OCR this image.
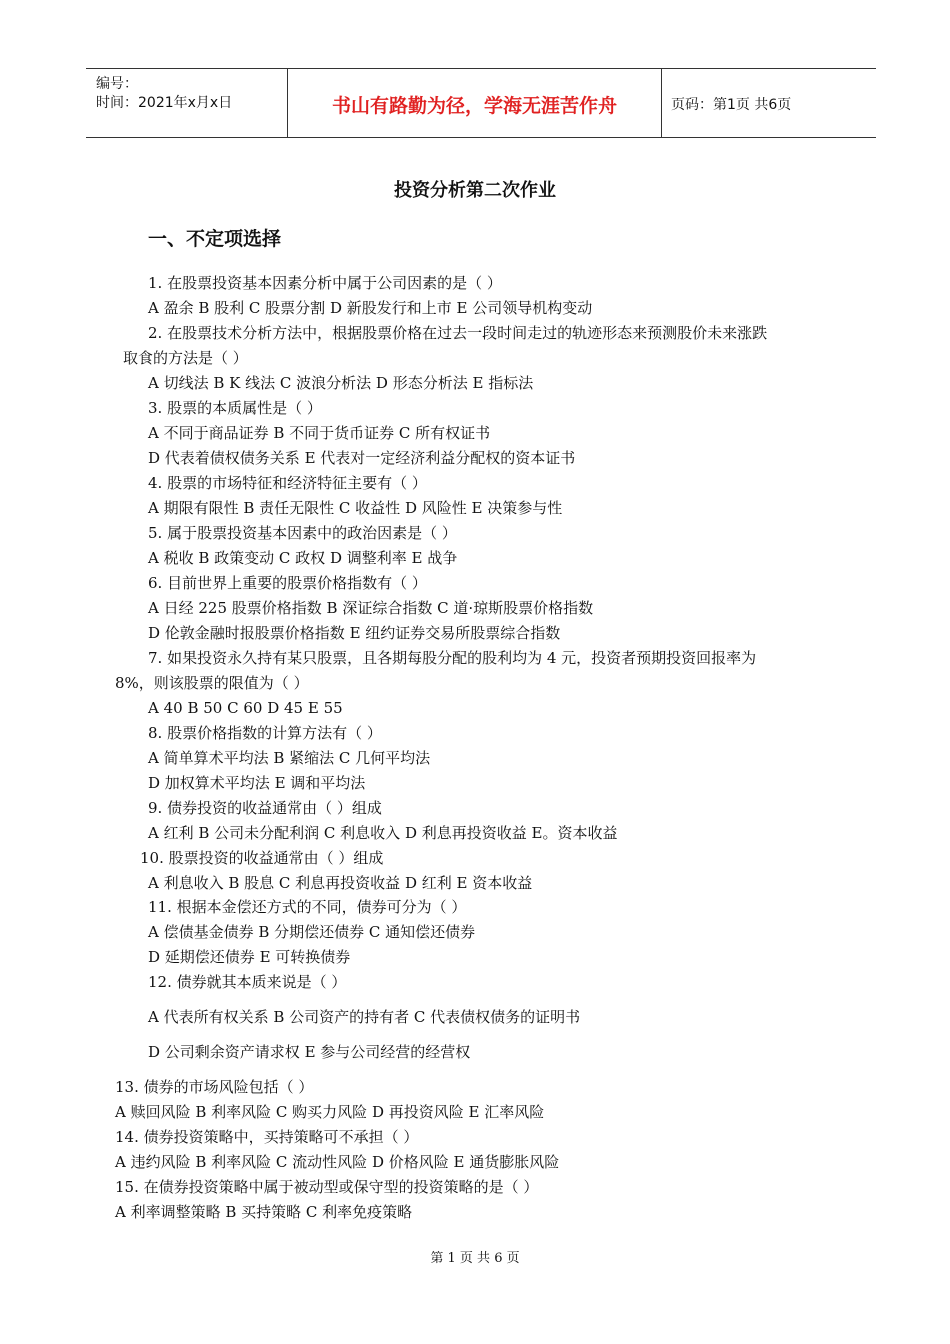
编号：
时间：2021年x月x日	书山有路勤为径，学海无涯苦作舟	页码：第1页 共6页
投资分析第二次作业
一、不定项选择
1. 在股票投资基本因素分析中属于公司因素的是（ ）
A 盈余 B 股利 C 股票分割 D 新股发行和上市 E 公司领导机构变动
2. 在股票技术分析方法中，根据股票价格在过去一段时间走过的轨迹形态来预测股价未来涨跌
取食的方法是（ ）
A 切线法 B K 线法 C 波浪分析法 D 形态分析法 E 指标法
3. 股票的本质属性是（ ）
A 不同于商品证券 B 不同于货币证券 C 所有权证书
D 代表着债权债务关系 E 代表对一定经济利益分配权的资本证书
4. 股票的市场特征和经济特征主要有（ ）
A 期限有限性 B 责任无限性 C 收益性 D 风险性 E 决策参与性
5. 属于股票投资基本因素中的政治因素是（ ）
A 税收 B 政策变动 C 政权 D 调整利率 E 战争
6. 目前世界上重要的股票价格指数有（ ）
A 日经 225 股票价格指数 B 深证综合指数 C 道·琼斯股票价格指数
D 伦敦金融时报股票价格指数 E 纽约证券交易所股票综合指数
7. 如果投资永久持有某只股票，且各期每股分配的股利均为 4 元，投资者预期投资回报率为
8%，则该股票的限值为（ ）
A 40 B 50 C 60 D 45 E 55
8. 股票价格指数的计算方法有（ ）
A 简单算术平均法 B 紧缩法 C 几何平均法
D 加权算术平均法 E 调和平均法
9. 债券投资的收益通常由（ ）组成
A 红利 B 公司未分配利润 C 利息收入 D 利息再投资收益 E。资本收益
10. 股票投资的收益通常由（ ）组成
A 利息收入 B 股息 C 利息再投资收益 D 红利 E 资本收益
11. 根据本金偿还方式的不同，债券可分为（ ）
A 偿债基金债券 B 分期偿还债券 C 通知偿还债券
D 延期偿还债券 E 可转换债券
12. 债券就其本质来说是（ ）
A 代表所有权关系 B 公司资产的持有者 C 代表债权债务的证明书
D 公司剩余资产请求权 E 参与公司经营的经营权
13. 债券的市场风险包括（ ）
A 赎回风险 B 利率风险 C 购买力风险 D 再投资风险 E 汇率风险
14. 债券投资策略中，买持策略可不承担（ ）
A 违约风险 B 利率风险 C 流动性风险 D 价格风险 E 通货膨胀风险
15. 在债券投资策略中属于被动型或保守型的投资策略的是（ ）
A 利率调整策略 B 买持策略 C 利率免疫策略
第 1 页 共 6 页
